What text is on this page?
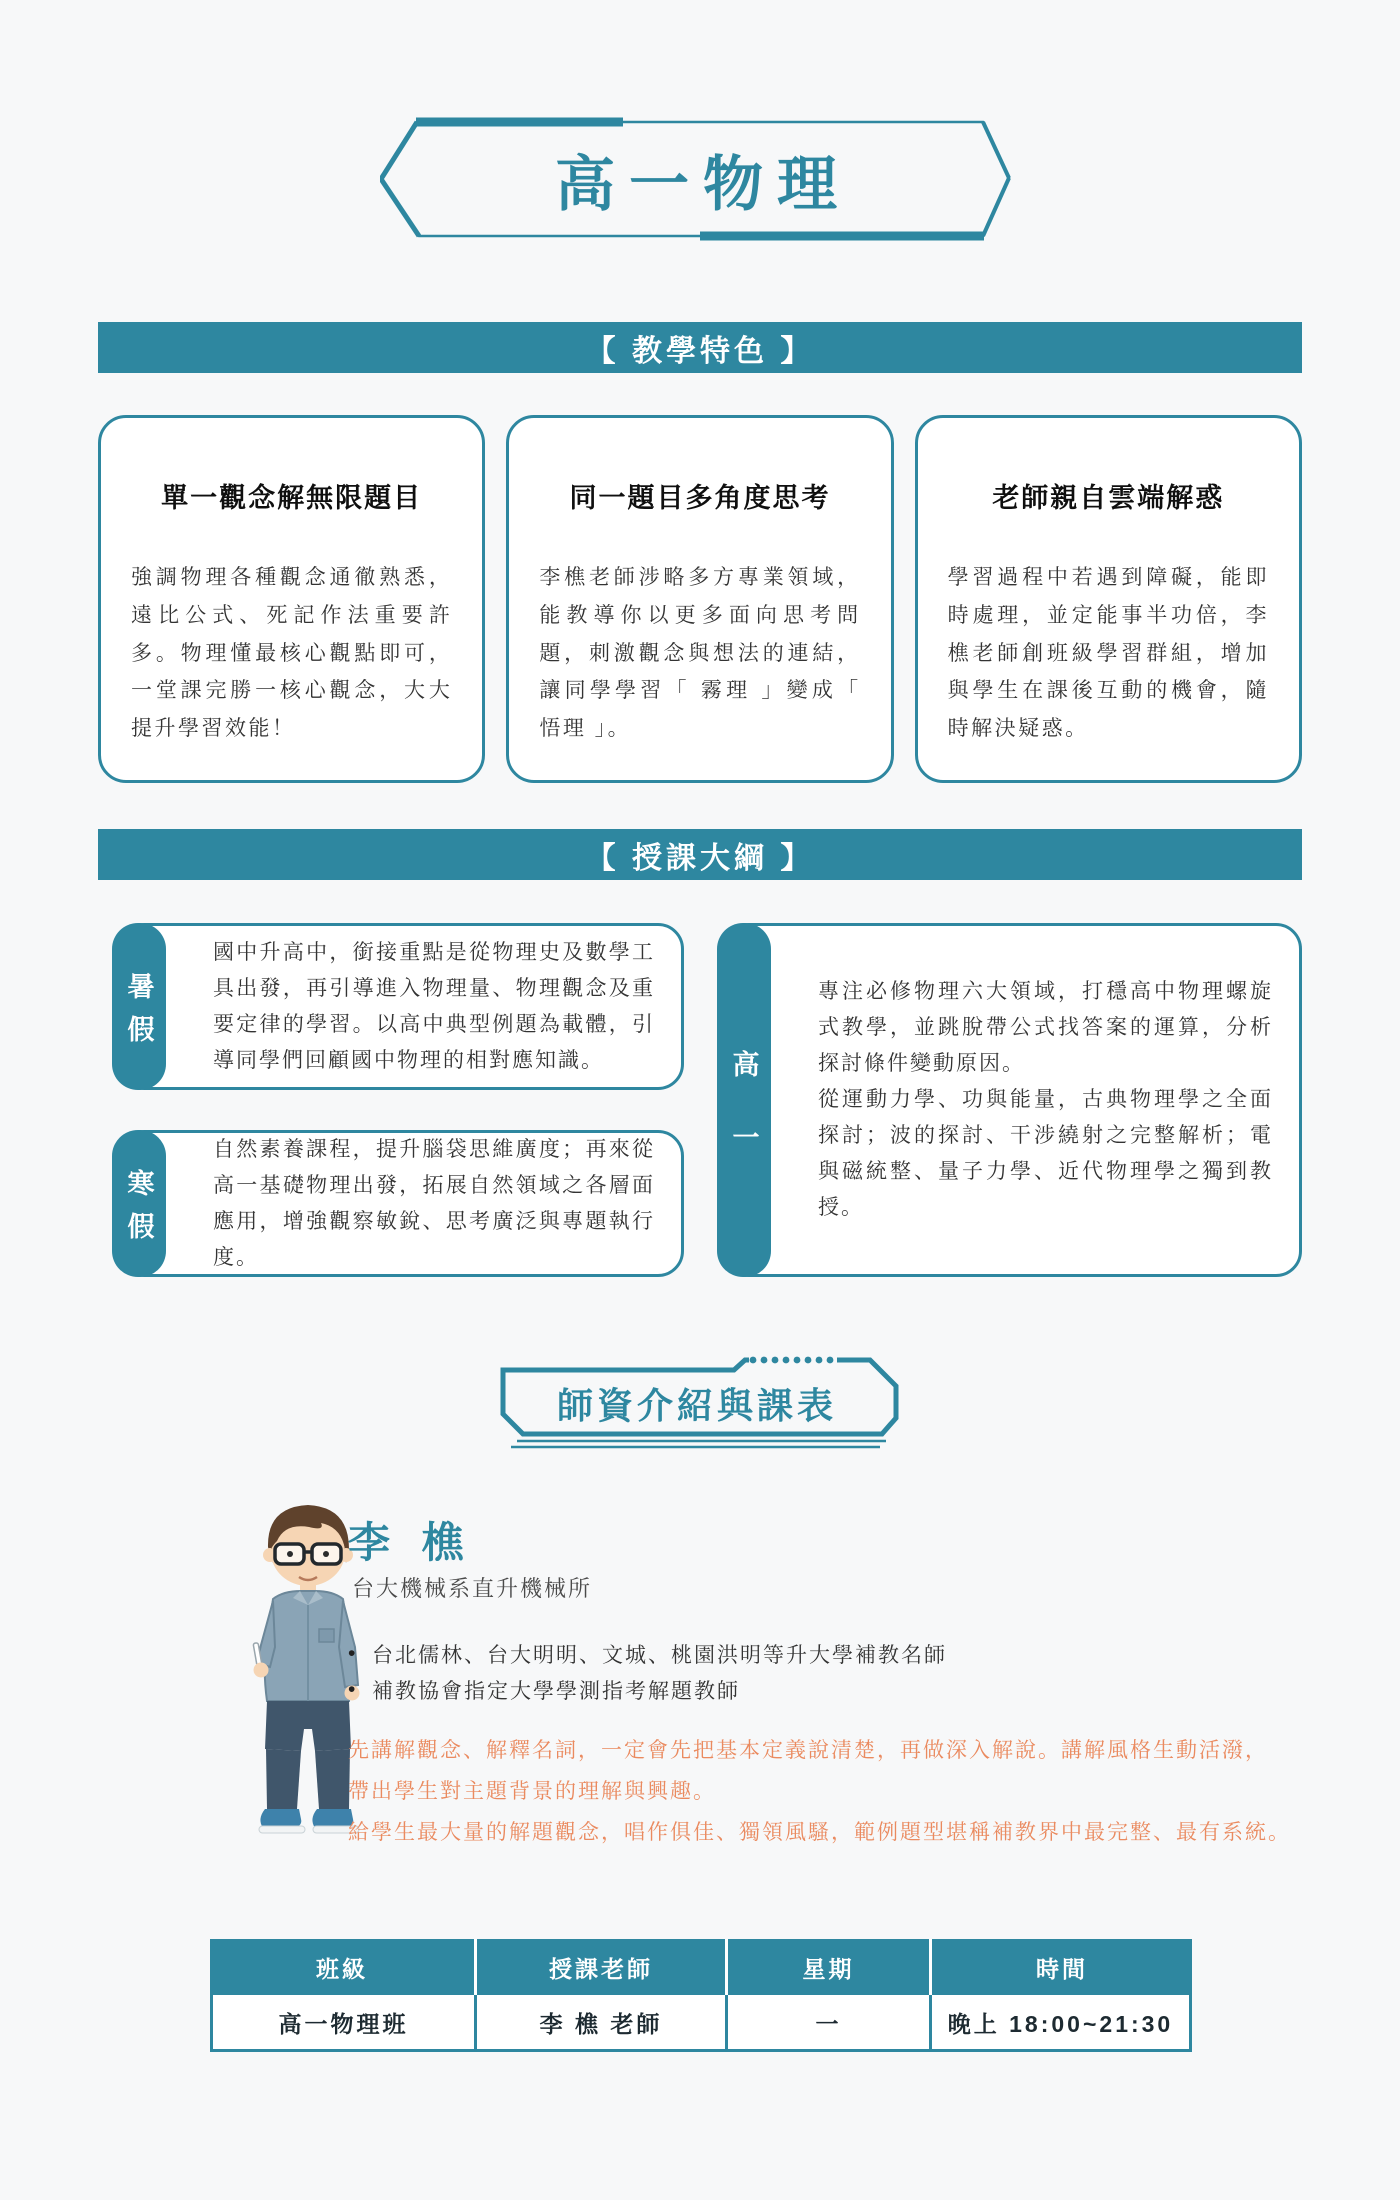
高一物理
【 教學特色 】
單一觀念解無限題目
強調物理各種觀念通徹熟悉，遠比公式、死記作法重要許多。物理懂最核心觀點即可，一堂課完勝一核心觀念，大大提升學習效能！
同一題目多角度思考
李樵老師涉略多方專業領域，能教導你以更多面向思考問題，刺激觀念與想法的連結，讓同學學習「 霧理 」變成「 悟理 」。
老師親自雲端解惑
學習過程中若遇到障礙，能即時處理，並定能事半功倍，李樵老師創班級學習群組，增加與學生在課後互動的機會，隨時解決疑惑。
【 授課大綱 】

國中升高中，銜接重點是從物理史及數學工具出發，再引導進入物理量、物理觀念及重要定律的學習。以高中典型例題為載體，引導同學們回顧國中物理的相對應知識。

暑假

自然素養課程，提升腦袋思維廣度；再來從高一基礎物理出發，拓展自然領域之各層面應用，增強觀察敏銳、思考廣泛與專題執行度。

寒假

專注必修物理六大領域，打穩高中物理螺旋式教學，並跳脫帶公式找答案的運算，分析探討條件變動原因。

從運動力學、功與能量，古典物理學之全面探討；波的探討、干涉繞射之完整解析；電與磁統整、量子力學、近代物理學之獨到教授。

高一
師資介紹與課表
李 樵
台大機械系直升機械所
• 台北儒林、台大明明、文城、桃園洪明等升大學補教名師
• 補教協會指定大學學測指考解題教師
先講解觀念、解釋名詞，一定會先把基本定義說清楚，再做深入解說。講解風格生動活潑，
帶出學生對主題背景的理解與興趣。
給學生最大量的解題觀念，唱作俱佳、獨領風騷，範例題型堪稱補教界中最完整、最有系統。
班級	授課老師	星期	時間
高一物理班	李 樵 老師	一	晚上 18:00~21:30
